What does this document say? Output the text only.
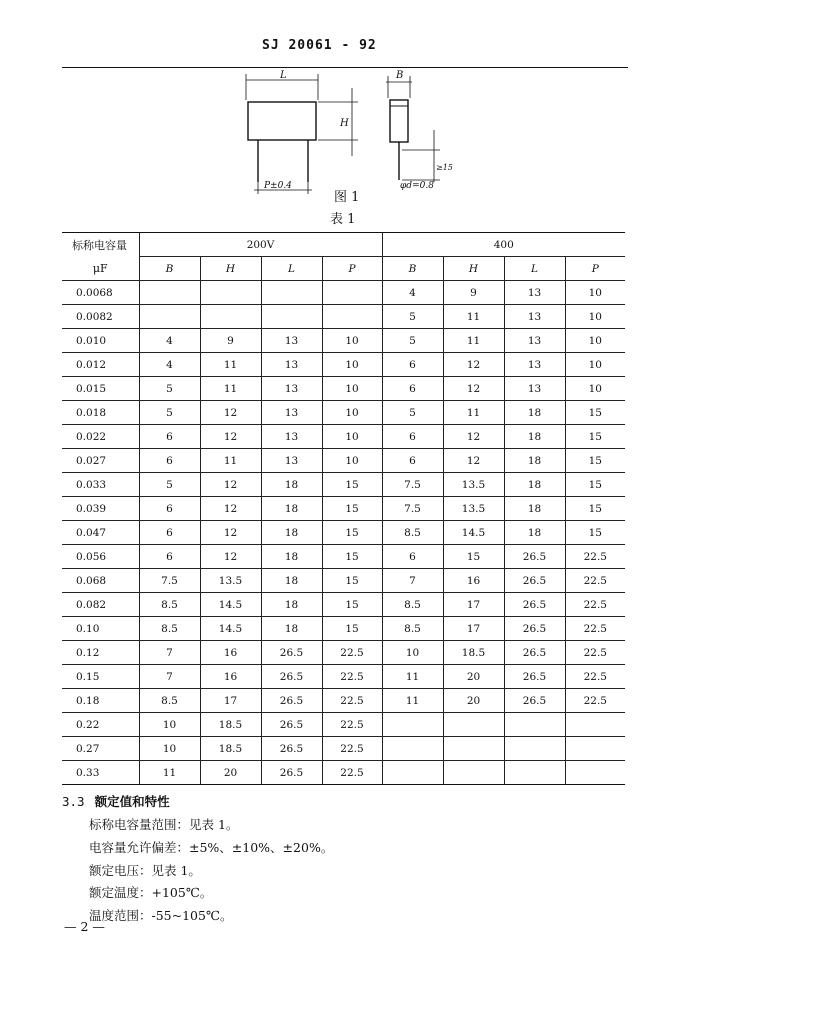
SJ 20061 - 92
L
H
P±0.4
B
≥15
φd=0.8
图 1
表 1
标称电容量	200V				400			
μF	B	H	L	P	B	H	L	P
0.0068					4	9	13	10
0.0082					5	11	13	10
0.010	4	9	13	10	5	11	13	10
0.012	4	11	13	10	6	12	13	10
0.015	5	11	13	10	6	12	13	10
0.018	5	12	13	10	5	11	18	15
0.022	6	12	13	10	6	12	18	15
0.027	6	11	13	10	6	12	18	15
0.033	5	12	18	15	7.5	13.5	18	15
0.039	6	12	18	15	7.5	13.5	18	15
0.047	6	12	18	15	8.5	14.5	18	15
0.056	6	12	18	15	6	15	26.5	22.5
0.068	7.5	13.5	18	15	7	16	26.5	22.5
0.082	8.5	14.5	18	15	8.5	17	26.5	22.5
0.10	8.5	14.5	18	15	8.5	17	26.5	22.5
0.12	7	16	26.5	22.5	10	18.5	26.5	22.5
0.15	7	16	26.5	22.5	11	20	26.5	22.5
0.18	8.5	17	26.5	22.5	11	20	26.5	22.5
0.22	10	18.5	26.5	22.5				
0.27	10	18.5	26.5	22.5				
0.33	11	20	26.5	22.5				
3.3 额定值和特性
标称电容量范围：见表 1。
电容量允许偏差：±5%、±10%、±20%。
额定电压：见表 1。
额定温度：+105℃。
温度范围：-55~105℃。
— 2 —
